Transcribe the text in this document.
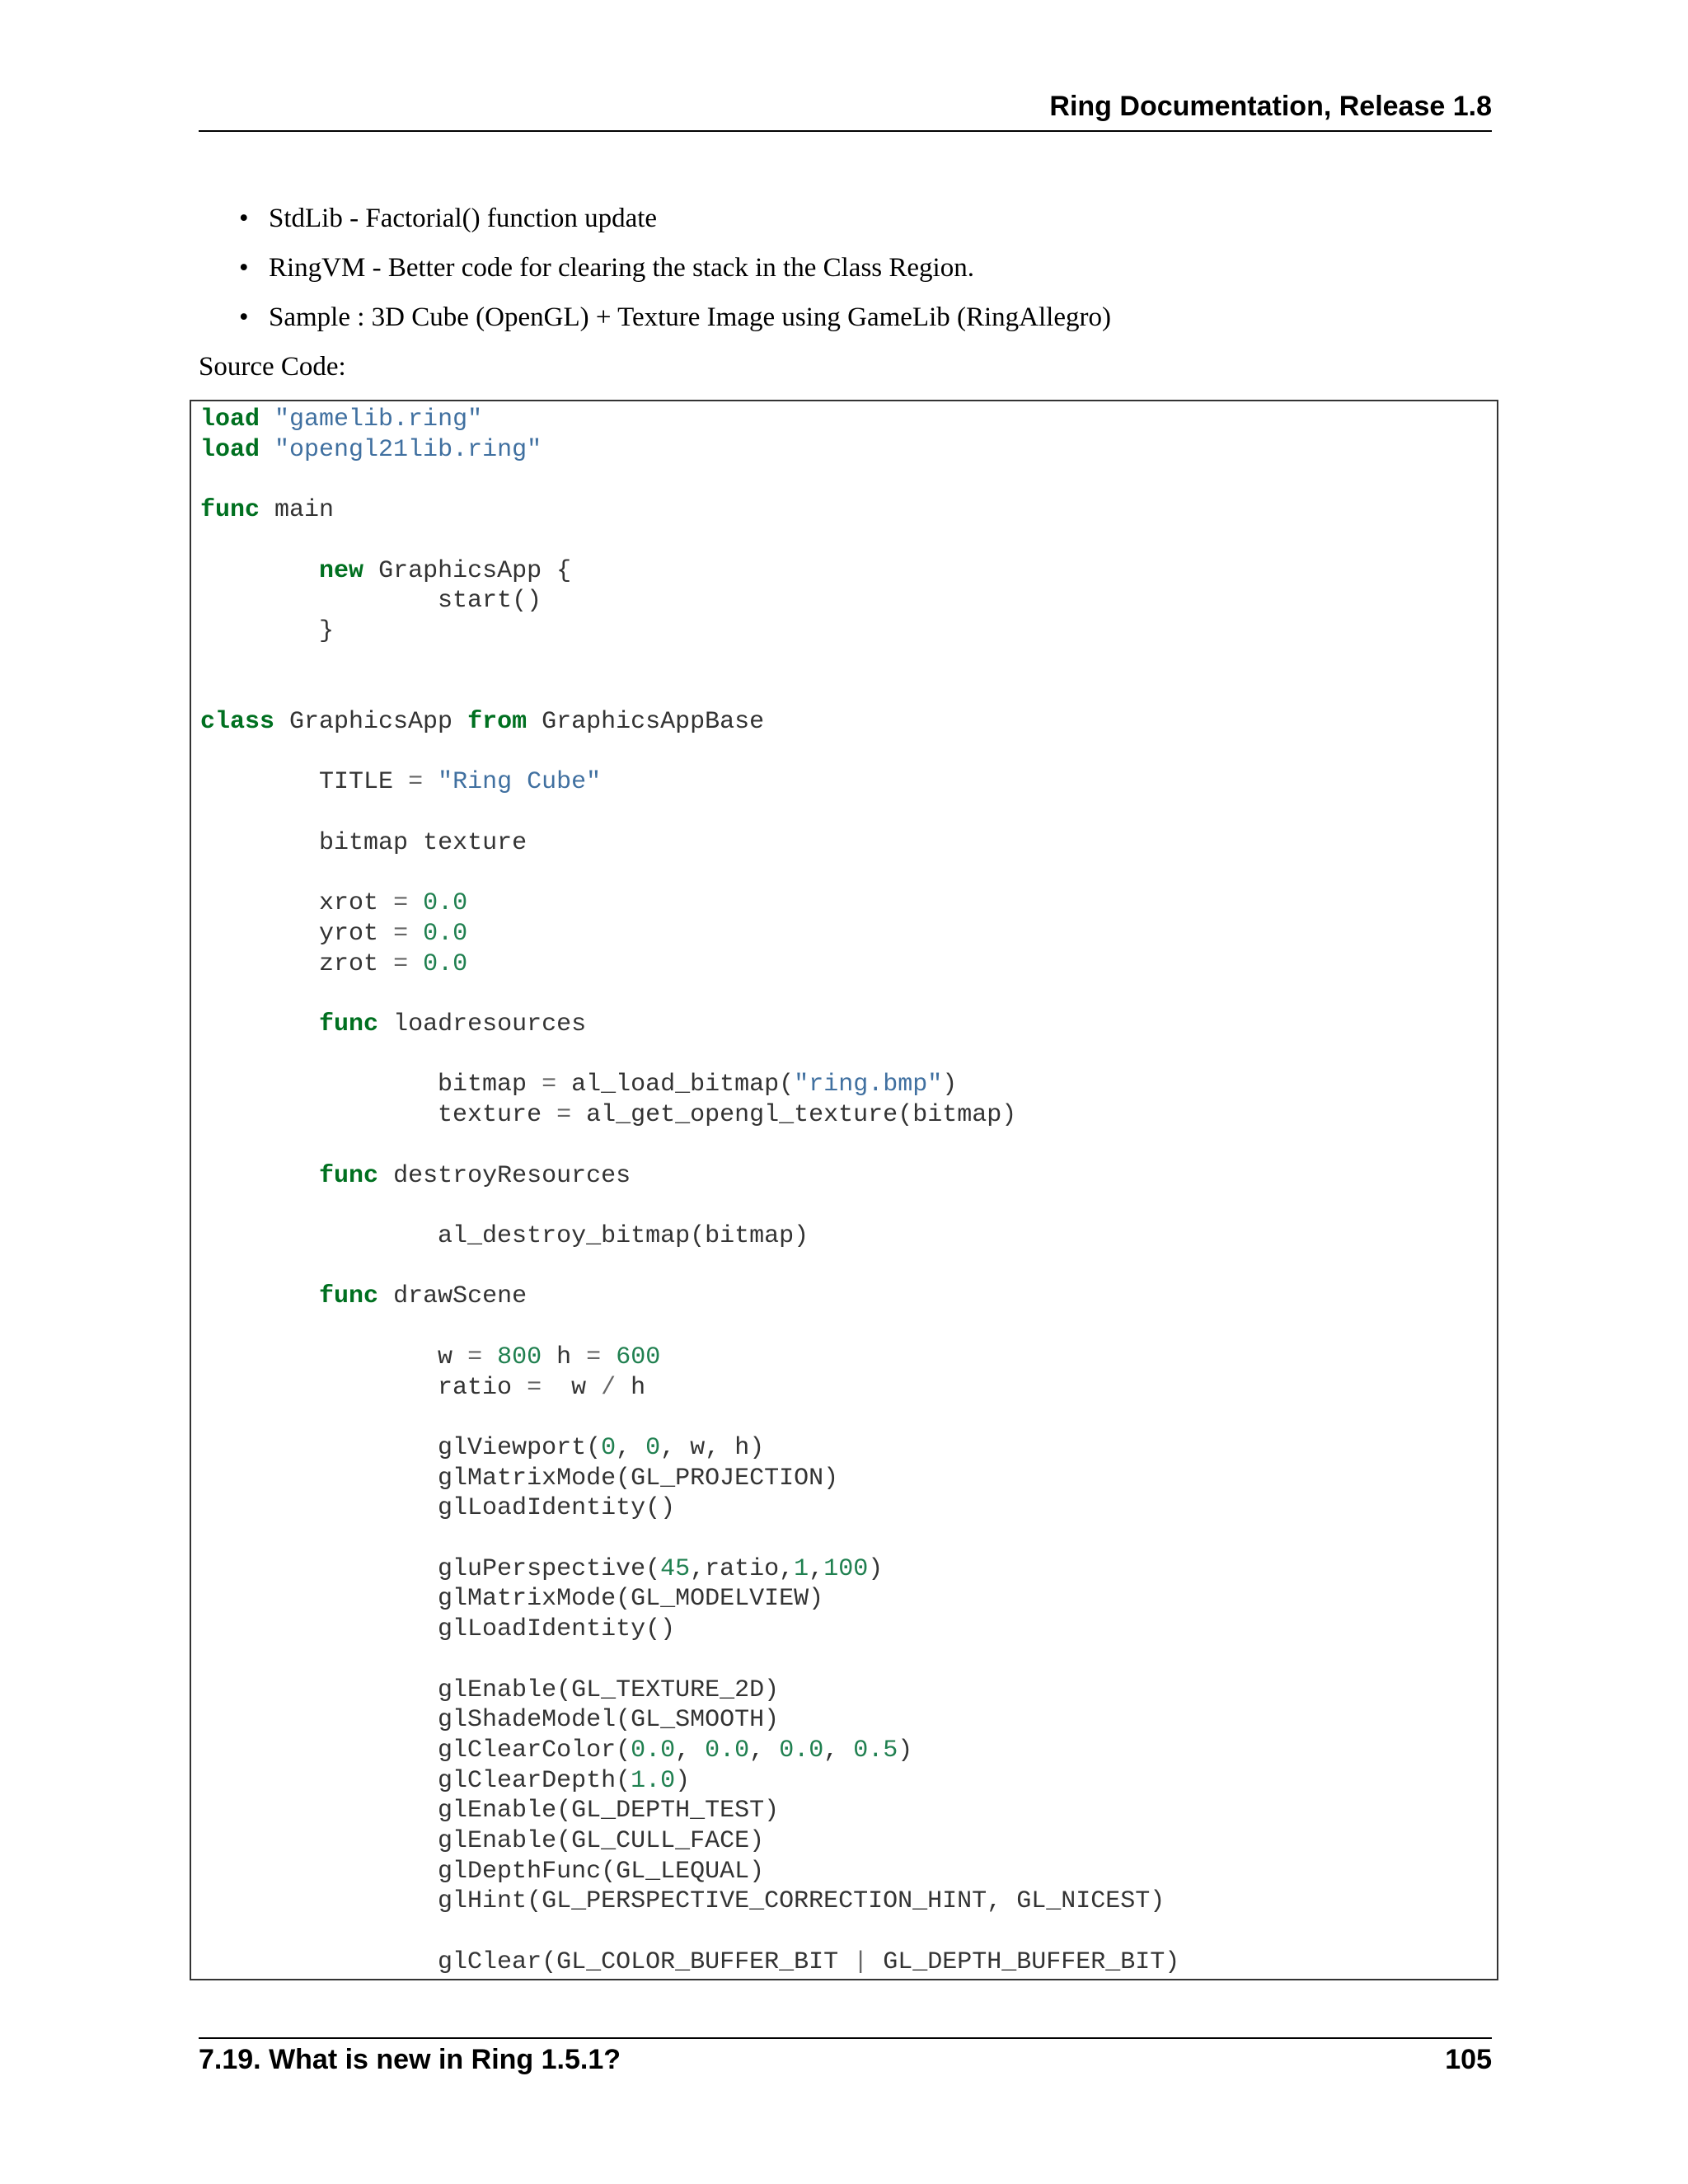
Ring Documentation, Release 1.8
• StdLib - Factorial() function update
• RingVM - Better code for clearing the stack in the Class Region.
• Sample : 3D Cube (OpenGL) + Texture Image using GameLib (RingAllegro)
Source Code:
load "gamelib.ring"
load "opengl21lib.ring"

func main

new GraphicsApp {
start()
}

class GraphicsApp from GraphicsAppBase

TITLE = "Ring Cube"

bitmap texture

xrot = 0.0
yrot = 0.0
zrot = 0.0

func loadresources

bitmap = al_load_bitmap("ring.bmp")
texture = al_get_opengl_texture(bitmap)

func destroyResources

al_destroy_bitmap(bitmap)

func drawScene

w = 800 h = 600
ratio = w / h

glViewport(0, 0, w, h)
glMatrixMode(GL_PROJECTION)
glLoadIdentity()

gluPerspective(45,ratio,1,100)
glMatrixMode(GL_MODELVIEW)
glLoadIdentity()

glEnable(GL_TEXTURE_2D)
glShadeModel(GL_SMOOTH)
glClearColor(0.0, 0.0, 0.0, 0.5)
glClearDepth(1.0)
glEnable(GL_DEPTH_TEST)
glEnable(GL_CULL_FACE)
glDepthFunc(GL_LEQUAL)
glHint(GL_PERSPECTIVE_CORRECTION_HINT, GL_NICEST)

glClear(GL_COLOR_BUFFER_BIT | GL_DEPTH_BUFFER_BIT)
7.19. What is new in Ring 1.5.1?	105
